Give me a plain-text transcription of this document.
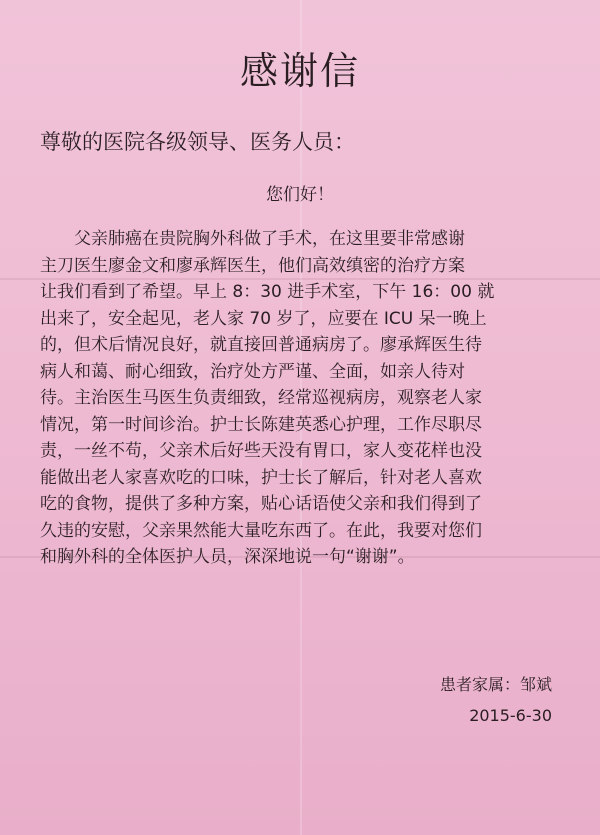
感谢信
尊敬的医院各级领导、医务人员：
您们好！
父亲肺癌在贵院胸外科做了手术，在这里要非常感谢
主刀医生廖金文和廖承辉医生，他们高效缜密的治疗方案
让我们看到了希望。早上 8：30 进手术室，下午 16：00 就
出来了，安全起见，老人家 70 岁了，应要在 ICU 呆一晚上
的，但术后情况良好，就直接回普通病房了。廖承辉医生待
病人和蔼、耐心细致，治疗处方严谨、全面，如亲人待对
待。主治医生马医生负责细致，经常巡视病房，观察老人家
情况，第一时间诊治。护士长陈建英悉心护理，工作尽职尽
责，一丝不苟，父亲术后好些天没有胃口，家人变花样也没
能做出老人家喜欢吃的口味，护士长了解后，针对老人喜欢
吃的食物，提供了多种方案，贴心话语使父亲和我们得到了
久违的安慰，父亲果然能大量吃东西了。在此，我要对您们
和胸外科的全体医护人员，深深地说一句“谢谢”。
患者家属：邹斌
2015-6-30
